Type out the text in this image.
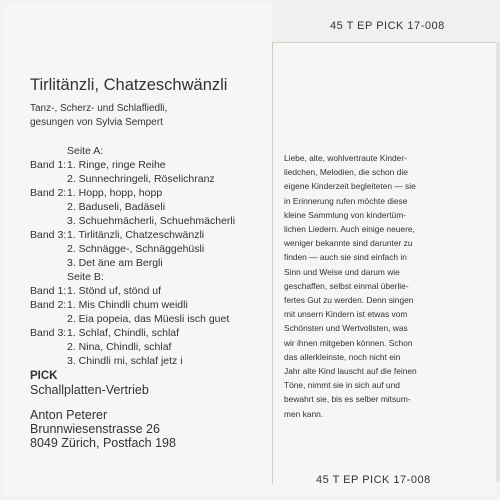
45 T EP PICK 17-008
45 T EP PICK 17-008
Tirlitänzli, Chatzeschwänzli
Tanz-, Scherz- und Schlafliedli,
gesungen von Sylvia Sempert
Seite A:
Band 1:1. Ringe, ringe Reihe
2. Sunnechringeli, Röselichranz
Band 2:1. Hopp, hopp, hopp
2. Baduseli, Badäseli
3. Schuehmächerli, Schuehmächerli
Band 3:1. Tirlitänzli, Chatzeschwänzli
2. Schnägge-, Schnäggehüsli
3. Det äne am Bergli
Seite B:
Band 1:1. Stönd uf, stönd uf
Band 2:1. Mis Chindli chum weidli
2. Eia popeia, das Müesli isch guet
Band 3:1. Schlaf, Chindli, schlaf
2. Nina, Chindli, schlaf
3. Chindli mi, schlaf jetz i
PICK
Schallplatten-Vertrieb
Anton Peterer
Brunnwiesenstrasse 26
8049 Zürich, Postfach 198
Liebe, alte, wohlvertraute Kinder-
liedchen, Melodien, die schon die
eigene Kinderzeit begleiteten — sie
in Erinnerung rufen möchte diese
kleine Sammlung von kindertüm-
lichen Liedern. Auch einige neuere,
weniger bekannte sind darunter zu
finden — auch sie sind einfach in
Sinn und Weise und darum wie
geschaffen, selbst einmal überlie-
fertes Gut zu werden. Denn singen
mit unsern Kindern ist etwas vom
Schönsten und Wertvollsten, was
wir ihnen mitgeben können. Schon
das allerkleinste, noch nicht ein
Jahr alte Kind lauscht auf die feinen
Töne, nimmt sie in sich auf und
bewahrt sie, bis es selber mitsum-
men kann.
